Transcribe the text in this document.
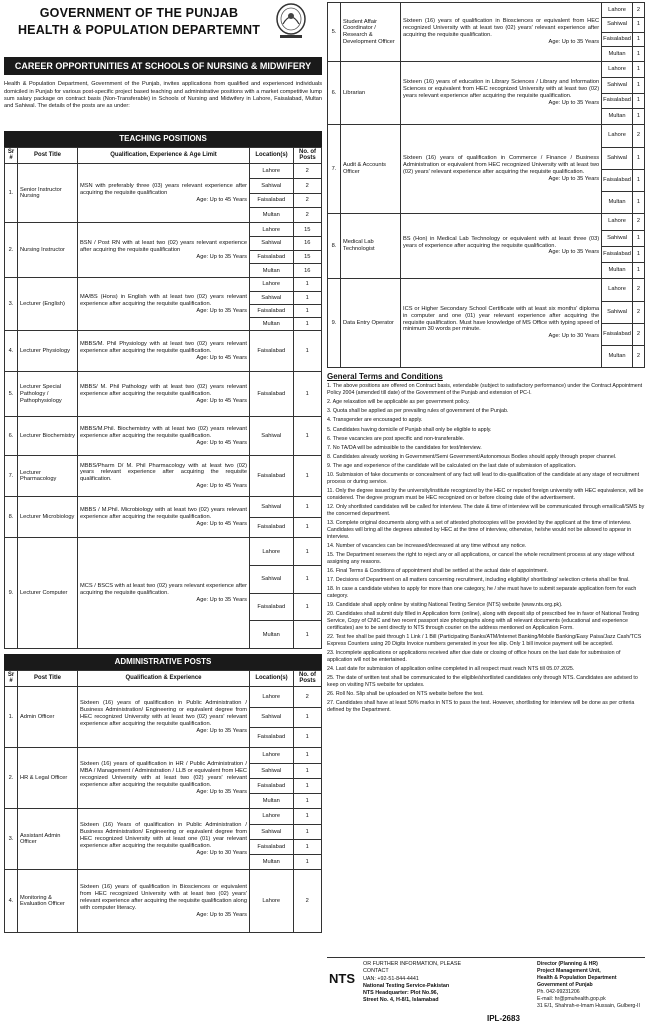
GOVERNMENT OF THE PUNJAB
HEALTH & POPULATION DEPARTEMNT
CAREER OPPORTUNITIES AT SCHOOLS OF NURSING & MIDWIFERY
Health & Population Department, Government of the Punjab, invites applications from qualified and experienced individuals domiciled in Punjab for various post-specific project based teaching and administrative positions with a market competitive lump sum salary package on contract basis (Non-Transferable) in Schools of Nursing and Midwifery in Lahore, Faisalabad, Multan and Sahiwal. The details of the posts are as under:
TEACHING POSITIONS
Sr #	Post Title	Qualification, Experience & Age Limit	Location(s)	No. of Posts
1.	Senior Instructor Nursing	MSN with preferably three (03) years relevant experience after acquiring the requisite qualification
Age: Up to 45 Years

Lahore	2
Sahiwal	2
Faisalabad	2
Multan	2

2.	Nursing Instructor	BSN / Post RN with at least two (02) years relevant experience after acquiring the requisite qualification
Age: Up to 35 Years

Lahore	15
Sahiwal	16
Faisalabad	15
Multan	16

3.	Lecturer (English)	MA/BS (Hons) in English with at least two (02) years relevant experience after acquiring the requisite qualification.
Age: Up to 35 Years

Lahore	1
Sahiwal	1
Faisalabad	1
Multan	1

4.	Lecturer Physiology	MBBS/M. Phil Physiology with at least two (02) years relevant experience after acquiring the requisite qualification.
Age: Up to 45 Years

Faisalabad	1

5.	Lecturer Special Pathology / Pathophysiology	MBBS/ M. Phil Pathology with at least two (02) years relevant experience after acquiring the requisite qualification.
Age: Up to 45 Years

Faisalabad	1

6.	Lecturer Biochemistry	MBBS/M.Phil. Biochemistry with at least two (02) years relevant experience after acquiring the requisite qualification.
Age: Up to 45 Years

Sahiwal	1

7.	Lecturer Pharmacology	MBBS/Pharm D/ M. Phil Pharmacology with at least two (02) years relevant experience after acquiring the requisite qualification.
Age: Up to 45 Years

Faisalabad	1

8.	Lecturer Microbiology	MBBS / M.Phil. Microbiology with at least two (02) years relevant experience after acquiring the requisite qualification.
Age: Up to 45 Years

Sahiwal	1
Faisalabad	1

9.	Lecturer Computer	MCS / BSCS with at least two (02) years relevant experience after acquiring the requisite qualification.
Age: Up to 35 Years

Lahore	1
Sahiwal	1
Faisalabad	1
Multan	1
ADMINISTRATIVE POSTS
Sr #	Post Title	Qualification & Experience	Location(s)	No. of Posts
1.	Admin Officer	Sixteen (16) years of qualification in Public Administration / Business Administration/ Engineering or equivalent degree from HEC recognized University with at least two (02) years' relevant experience after acquiring the requisite qualification.
Age: Up to 35 Years

Lahore	2
Sahiwal	1
Faisalabad	1

2.	HR & Legal Officer	Sixteen (16) years of qualification in HR / Public Administration / MBA / Management / Administration / LLB or equivalent from HEC recognized University with at least two (02) years' relevant experience after acquiring the requisite qualification.
Age: Up to 35 Years

Lahore	1
Sahiwal	1
Faisalabad	1
Multan	1

3.	Assistant Admin Officer	Sixteen (16) Years of qualification in Public Administration / Business Administration/ Engineering or equivalent degree from HEC recognized University with at least one (01) year relevant experience after acquiring the requisite qualification.
Age: Up to 30 Years

Lahore	1
Sahiwal	1
Faisalabad	1
Multan	1

4.	Monitoring & Evaluation Officer	Sixteen (16) years of qualification in Biosciences or equivalent from HEC recognized University with at least two (02) years' relevant experience after acquiring the requisite qualification along with computer literacy.
Age: Up to 35 Years

Lahore	2
5.	Student Affair Coordinator / Research & Development Officer	Sixteen (16) years of qualification in Biosciences or equivalent from HEC recognized University with at least two (02) years' relevant experience after acquiring the requisite qualification.
Age: Up to 35 Years

Lahore	2
Sahiwal	1
Faisalabad	1
Multan	1

6.	Librarian	Sixteen (16) years of education in Library Sciences / Library and Information Sciences or equivalent from HEC recognized University with at least two (02) years relevant experience after acquiring the requisite qualification.
Age: Up to 35 Years

Lahore	1
Sahiwal	1
Faisalabad	1
Multan	1

7.	Audit & Accounts Officer	Sixteen (16) years of qualification in Commerce / Finance / Business Administration or equivalent from HEC recognized University with at least two (02) years' relevant experience after acquiring the requisite qualification.
Age: Up to 35 Years

Lahore	2
Sahiwal	1
Faisalabad	1
Multan	1

8.	Medical Lab Technologist	BS (Hon) in Medical Lab Technology or equivalent with at least three (03) years of experience after acquiring the requisite qualification.
Age: Up to 35 Years

Lahore	2
Sahiwal	1
Faisalabad	1
Multan	1

9.	Data Entry Operator	ICS or Higher Secondary School Certificate with at least six months' diploma in computer and one (01) year relevant experience after acquiring the requisite qualification. Must have knowledge of MS Office with typing speed of minimum 30 words per minute.
Age: Up to 30 Years

Lahore	2
Sahiwal	2
Faisalabad	2
Multan	2
General Terms and Conditions
1. The above positions are offered on Contract basis, extendable (subject to satisfactory performance) under the Contract Appointment Policy 2004 (amended till date) of the Government of the Punjab and extension of PC-I.
2. Age relaxation will be applicable as per government policy.
3. Quota shall be applied as per prevailing rules of government of the Punjab.
4. Transgender are encouraged to apply.
5. Candidates having domicile of Punjab shall only be eligible to apply.
6. These vacancies are post specific and non-transferable.
7. No TA/DA will be admissible to the candidates for test/interview.
8. Candidates already working in Government/Semi Government/Autonomous Bodies should apply through proper channel.
9. The age and experience of the candidate will be calculated on the last date of submission of application.
10. Submission of fake documents or concealment of any fact will lead to dis-qualification of the candidate at any stage of recruitment process or during service.
11. Only the degree issued by the university/institute recognized by the HEC or reputed foreign university with HEC equivalence, will be considered. The degree program must be HEC recognized on or before closing date of the advertisement.
12. Only shortlisted candidates will be called for interview. The date & time of interview will be communicated through email/call/SMS by the concerned department.
13. Complete original documents along with a set of attested photocopies will be provided by the applicant at the time of interview. Candidates will bring all the degrees attested by HEC at the time of interview, otherwise, he/she would not be allowed to appear in interview.
14. Number of vacancies can be increased/decreased at any time without any notice.
15. The Department reserves the right to reject any or all applications, or cancel the whole recruitment process at any stage without assigning any reasons.
16. Final Terms & Conditions of appointment shall be settled at the actual date of appointment.
17. Decisions of Department on all matters concerning recruitment, including eligibility/ shortlisting/ selection criteria shall be final.
18. In case a candidate wishes to apply for more than one category, he / she must have to submit separate application form for each category.
19. Candidate shall apply online by visiting National Testing Service (NTS) website (www.nts.org.pk).
20. Candidates shall submit duly filled in Application form (online), along with deposit slip of prescribed fee in favor of National Testing Service, Copy of CNIC and two recent passport size photographs along with all relevant documents (educational and experience certificates) are to be sent directly to NTS through courier on the address mentioned on Application Form.
22. Test fee shall be paid through 1 Link / 1 Bill (Participating Banks/ATM/Internet Banking/Mobile Banking/Easy Paisa/Jazz Cash/TCS Express Counters using 20 Digits Invoice numbers generated in your fee slip. Only 1 bill invoice payment will be accepted.
23. Incomplete applications or applications received after due date or closing of office hours on the last date for submission of application will not be entertained.
24. Last date for submission of application online completed in all respect must reach NTS till 05.07.2025.
25. The date of written test shall be communicated to the eligible/shortlisted candidates only through NTS. Candidates are advised to keep on visiting NTS website for updates.
26. Roll No. Slip shall be uploaded on NTS website before the test.
27. Candidates shall have at least 50% marks in NTS to pass the test. However, shortlisting for interview will be done as per criteria defined by the Department.
NTS
OR FURTHER INFORMATION, PLEASE
CONTACT
UAN: +92-51-844-4441
National Testing Service-Pakistan
NTS Headquarter: Plot No.96,
Street No. 4, H-8/1, Islamabad
Director (Planning & HR)
Project Management Unit,
Health & Population Department
Government of Punjab
Ph. 042-99231206
E-mail: hr@pmuhealth.gop.pk
31 E/1, Shahrah-e-Imam Hussain, Gulberg-II
IPL-2683
